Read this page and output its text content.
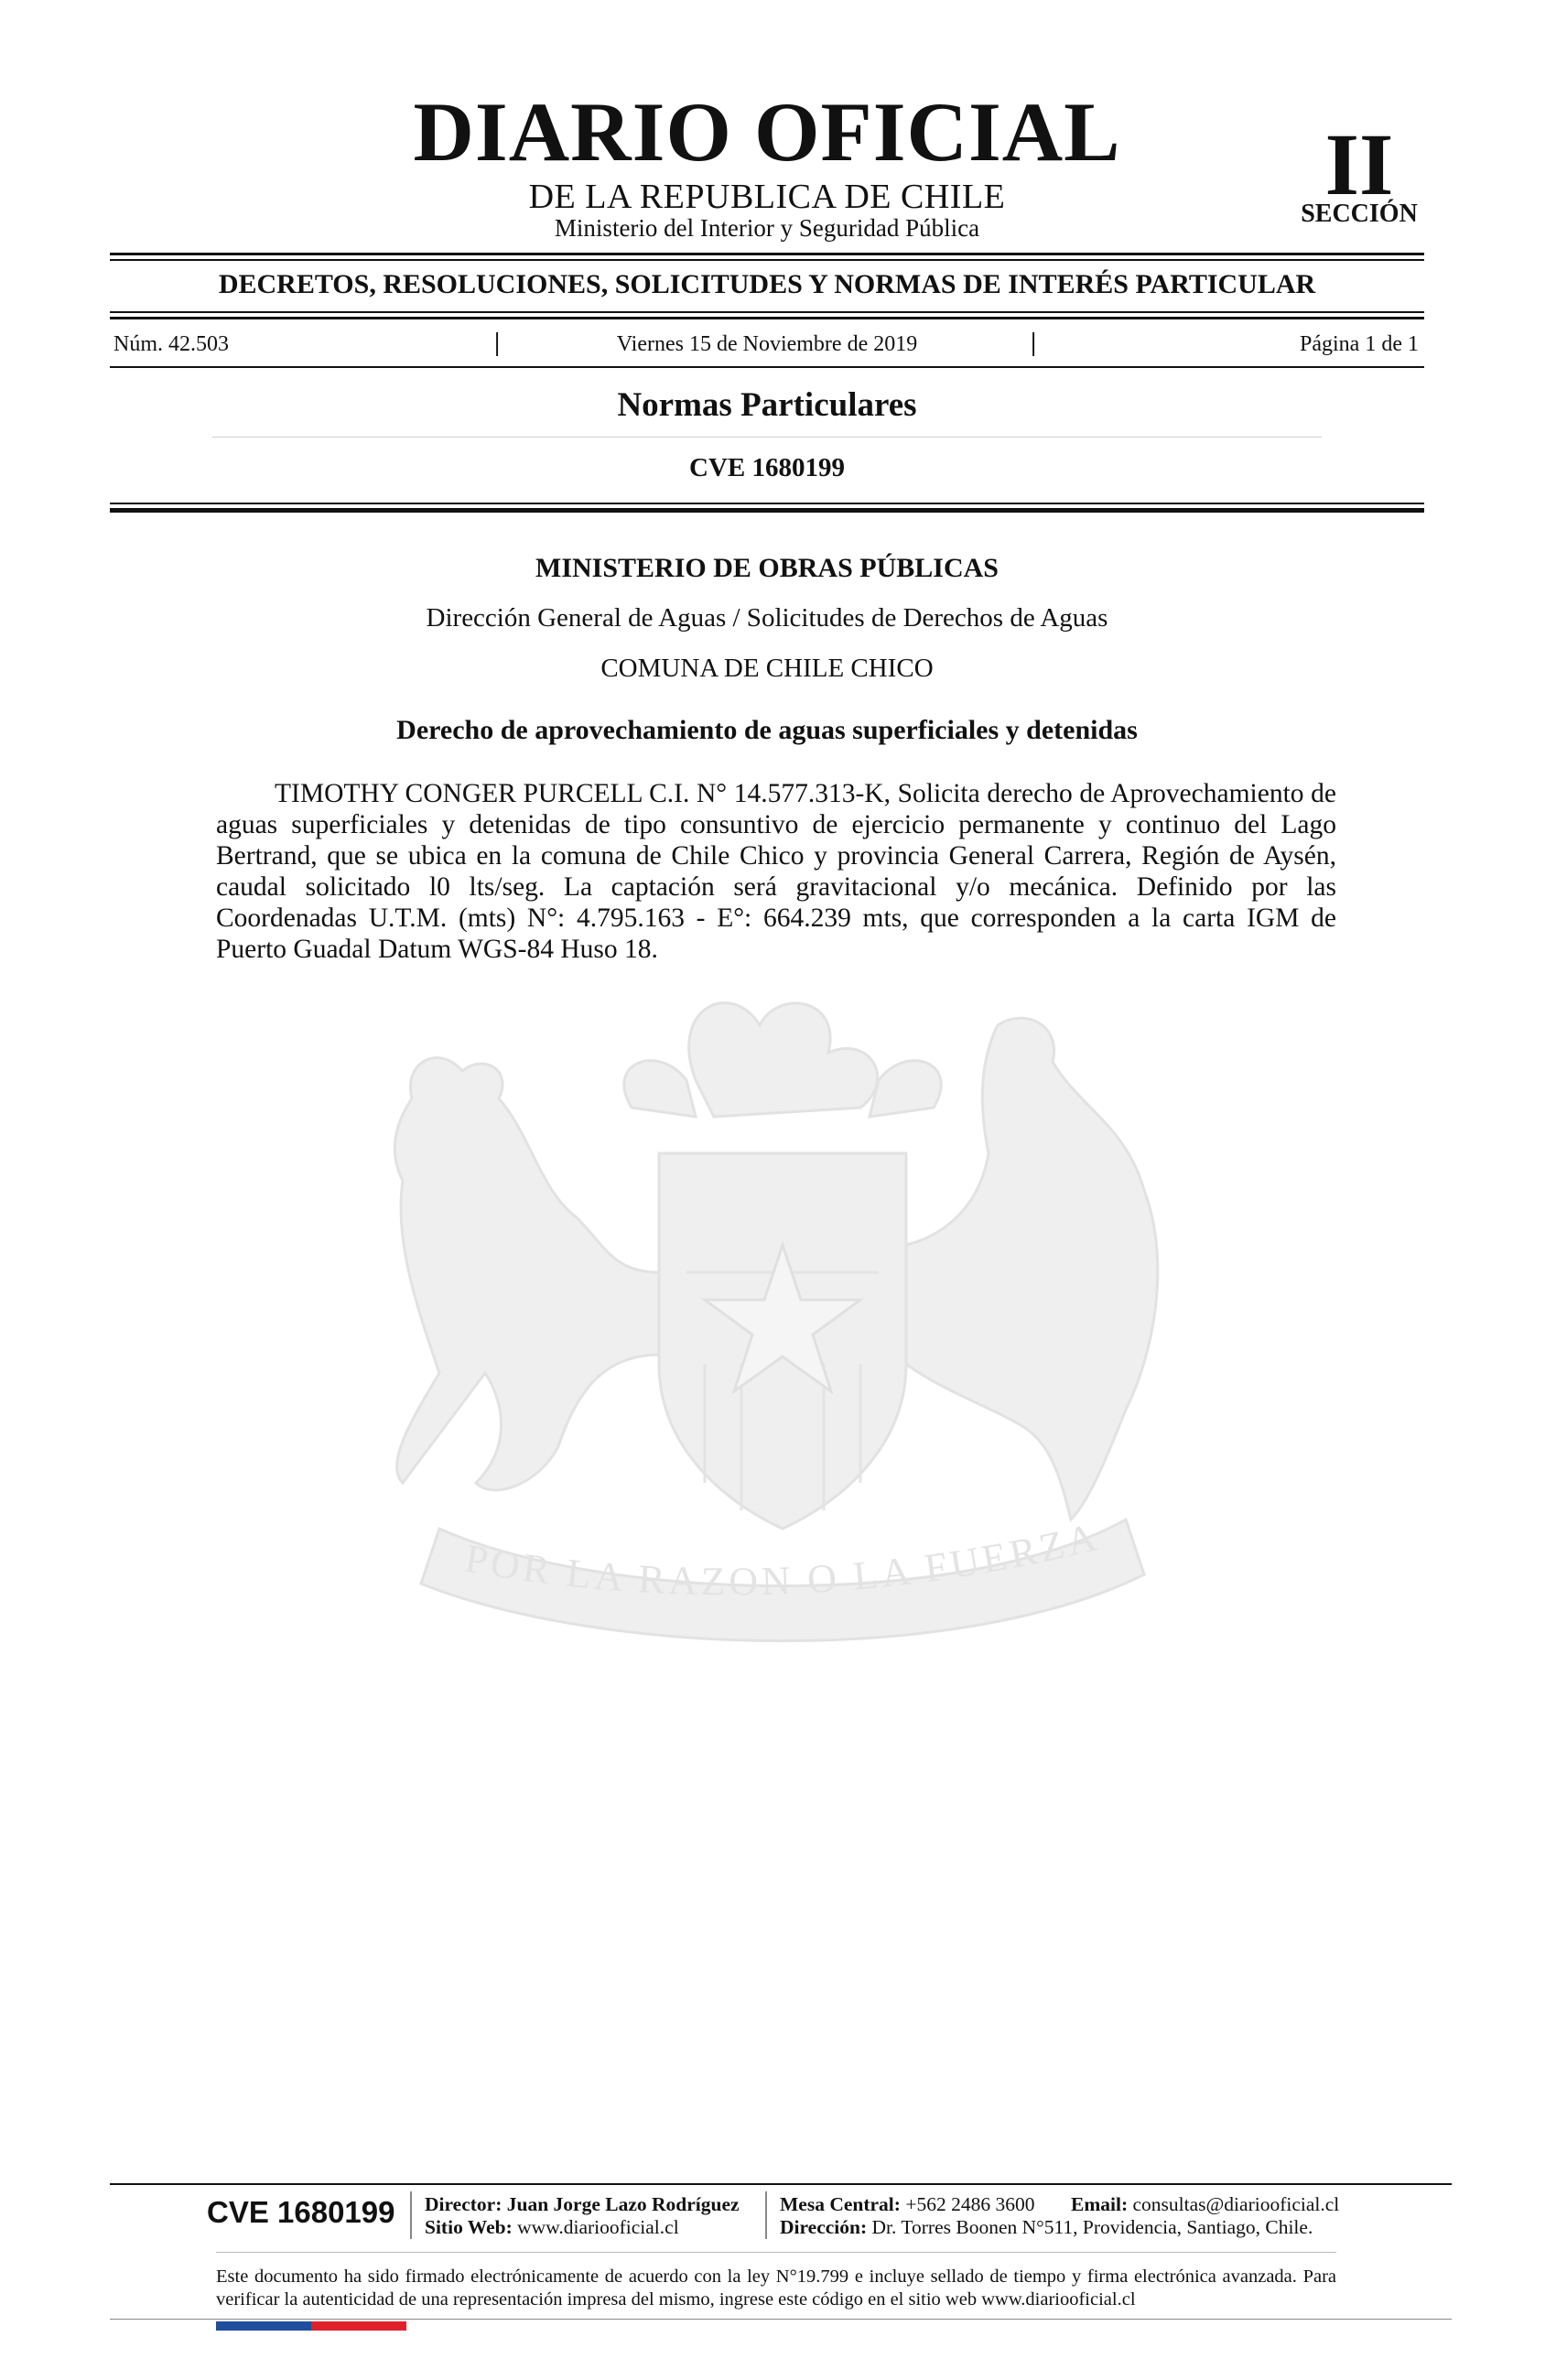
DIARIO OFICIAL
DE LA REPUBLICA DE CHILE
Ministerio del Interior y Seguridad Pública
II
SECCIÓN
DECRETOS, RESOLUCIONES, SOLICITUDES Y NORMAS DE INTERÉS PARTICULAR
Núm. 42.503	|	Viernes 15 de Noviembre de 2019	|	Página 1 de 1
Normas Particulares
CVE 1680199
POR LA RAZON O LA FUERZA
MINISTERIO DE OBRAS PÚBLICAS
Dirección General de Aguas / Solicitudes de Derechos de Aguas
COMUNA DE CHILE CHICO
Derecho de aprovechamiento de aguas superficiales y detenidas

TIMOTHY CONGER PURCELL C.I. N° 14.577.313-K, Solicita derecho de Aprovechamiento de aguas superficiales y detenidas de tipo consuntivo de ejercicio permanente y continuo del Lago Bertrand, que se ubica en la comuna de Chile Chico y provincia General Carrera, Región de Aysén, caudal solicitado l0 lts/seg. La captación será gravitacional y/o mecánica. Definido por las Coordenadas U.T.M. (mts) N°: 4.795.163 - E°: 664.239 mts, que corresponden a la carta IGM de Puerto Guadal Datum WGS-84 Huso 18.

CVE 1680199 Director: Juan Jorge Lazo Rodríguez
Sitio Web: www.diariooficial.cl
Mesa Central: +562 2486 3600 Email: consultas@diariooficial.cl
Dirección: Dr. Torres Boonen N°511, Providencia, Santiago, Chile.

Este documento ha sido firmado electrónicamente de acuerdo con la ley N°19.799 e incluye sellado de tiempo y firma electrónica avanzada. Para verificar la autenticidad de una representación impresa del mismo, ingrese este código en el sitio web www.diariooficial.cl
